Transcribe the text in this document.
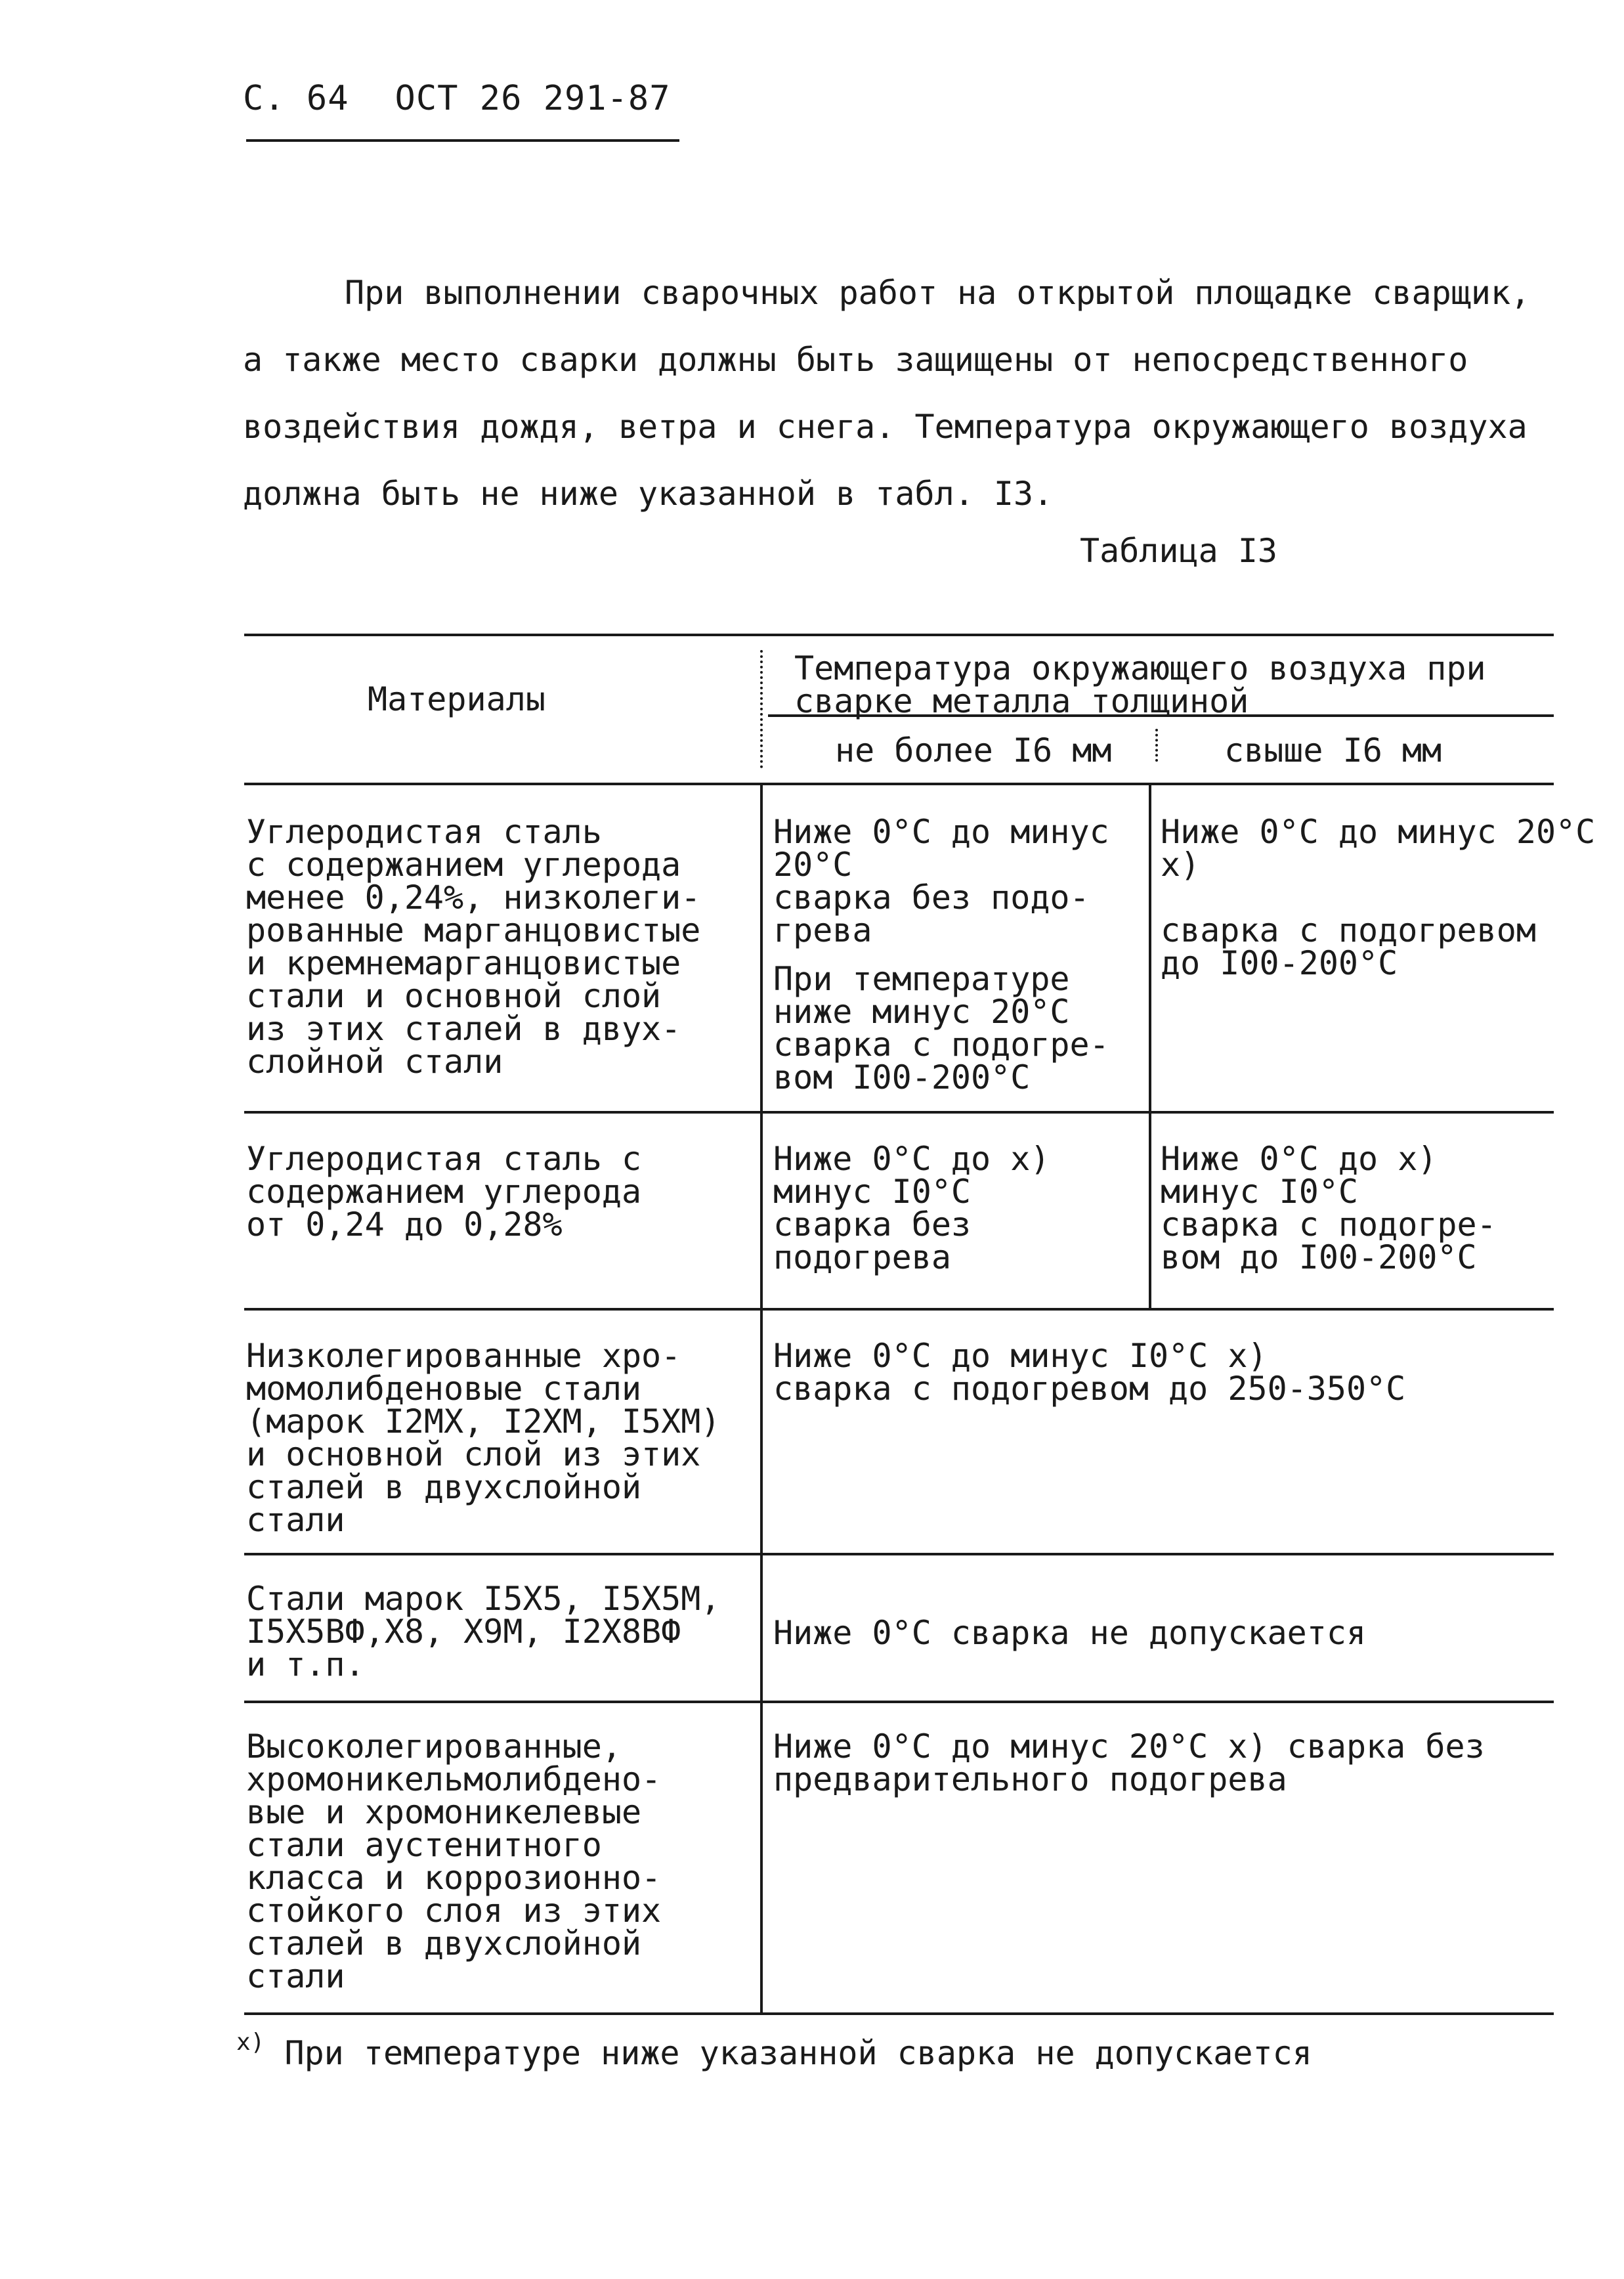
С. 64 ОСТ 26 291-87
При выполнении сварочных работ на открытой площадке сварщик,
а также место сварки должны быть защищены от непосредственного
воздействия дождя, ветра и снега. Температура окружающего воздуха
должна быть не ниже указанной в табл. I3.
Таблица I3
Материалы
Температура окружающего воздуха при сварке металла толщиной
не более I6 мм	свыше I6 мм
Углеродистая сталь
с содержанием углерода
менее 0,24%, низколеги-
рованные марганцовистые
и кремнемарганцовистые
стали и основной слой
из этих сталей в двух-
слойной стали
Ниже 0°С до минус
20°С
сварка без подо-
грева
При температуре
ниже минус 20°С
сварка с подогре-
вом I00-200°С
Ниже 0°С до минус 20°С x)

сварка с подогревом
до I00-200°С
Углеродистая сталь с
содержанием углерода
от 0,24 до 0,28%
Ниже 0°С до x)
минус I0°С
сварка без
подогрева
Ниже 0°С до x)
минус I0°С
сварка с подогре-
вом до I00-200°С
Низколегированные хро-
момолибденовые стали
(марок I2МХ, I2ХМ, I5ХМ)
и основной слой из этих
сталей в двухслойной
стали
Ниже 0°С до минус I0°С x)
сварка с подогревом до 250-350°С
Стали марок I5Х5, I5Х5М,
I5Х5ВФ,Х8, Х9М, I2Х8ВФ
и т.п.
Ниже 0°С сварка не допускается
Высоколегированные,
хромоникельмолибдено-
вые и хромоникелевые
стали аустенитного
класса и коррозионно-
стойкого слоя из этих
сталей в двухслойной
стали
Ниже 0°С до минус 20°С x) сварка без
предварительного подогрева
$^{x)}$ При температуре ниже указанной сварка не допускается
